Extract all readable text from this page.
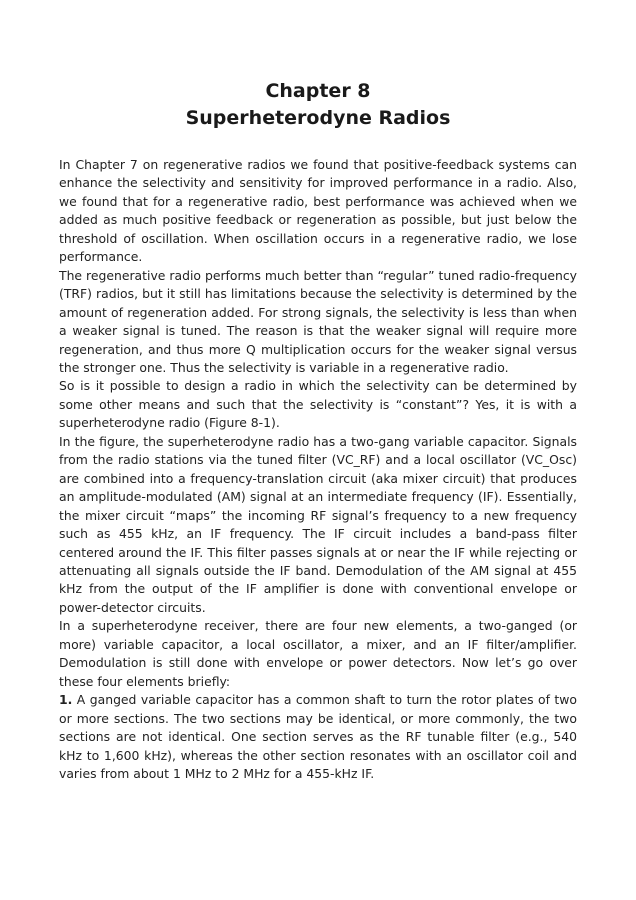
Chapter 8
Superheterodyne Radios

In Chapter 7 on regenerative radios we found that positive-feedback systems can enhance the selectivity and sensitivity for improved performance in a radio. Also, we found that for a regenerative radio, best performance was achieved when we added as much positive feedback or regeneration as possible, but just below the threshold of oscillation. When oscillation occurs in a regenerative radio, we lose performance.

The regenerative radio performs much better than “regular” tuned radio-frequency (TRF) radios, but it still has limitations because the selectivity is determined by the amount of regeneration added. For strong signals, the selectivity is less than when a weaker signal is tuned. The reason is that the weaker signal will require more regeneration, and thus more Q multiplication occurs for the weaker signal versus the stronger one. Thus the selectivity is variable in a regenerative radio.

So is it possible to design a radio in which the selectivity can be determined by some other means and such that the selectivity is “constant”? Yes, it is with a superheterodyne radio (Figure 8-1).

In the figure, the superheterodyne radio has a two-gang variable capacitor. Signals from the radio stations via the tuned filter (VC_RF) and a local oscillator (VC_Osc) are combined into a frequency-translation circuit (aka mixer circuit) that produces an amplitude-modulated (AM) signal at an intermediate frequency (IF). Essentially, the mixer circuit “maps” the incoming RF signal’s frequency to a new frequency such as 455 kHz, an IF frequency. The IF circuit includes a band-pass filter centered around the IF. This filter passes signals at or near the IF while rejecting or attenuating all signals outside the IF band. Demodulation of the AM signal at 455 kHz from the output of the IF amplifier is done with conventional envelope or power-detector circuits.

In a superheterodyne receiver, there are four new elements, a two-ganged (or more) variable capacitor, a local oscillator, a mixer, and an IF filter/amplifier. Demodulation is still done with envelope or power detectors. Now let’s go over these four elements briefly:

1. A ganged variable capacitor has a common shaft to turn the rotor plates of two or more sections. The two sections may be identical, or more commonly, the two sections are not identical. One section serves as the RF tunable filter (e.g., 540 kHz to 1,600 kHz), whereas the other section resonates with an oscillator coil and varies from about 1 MHz to 2 MHz for a 455-kHz IF.
